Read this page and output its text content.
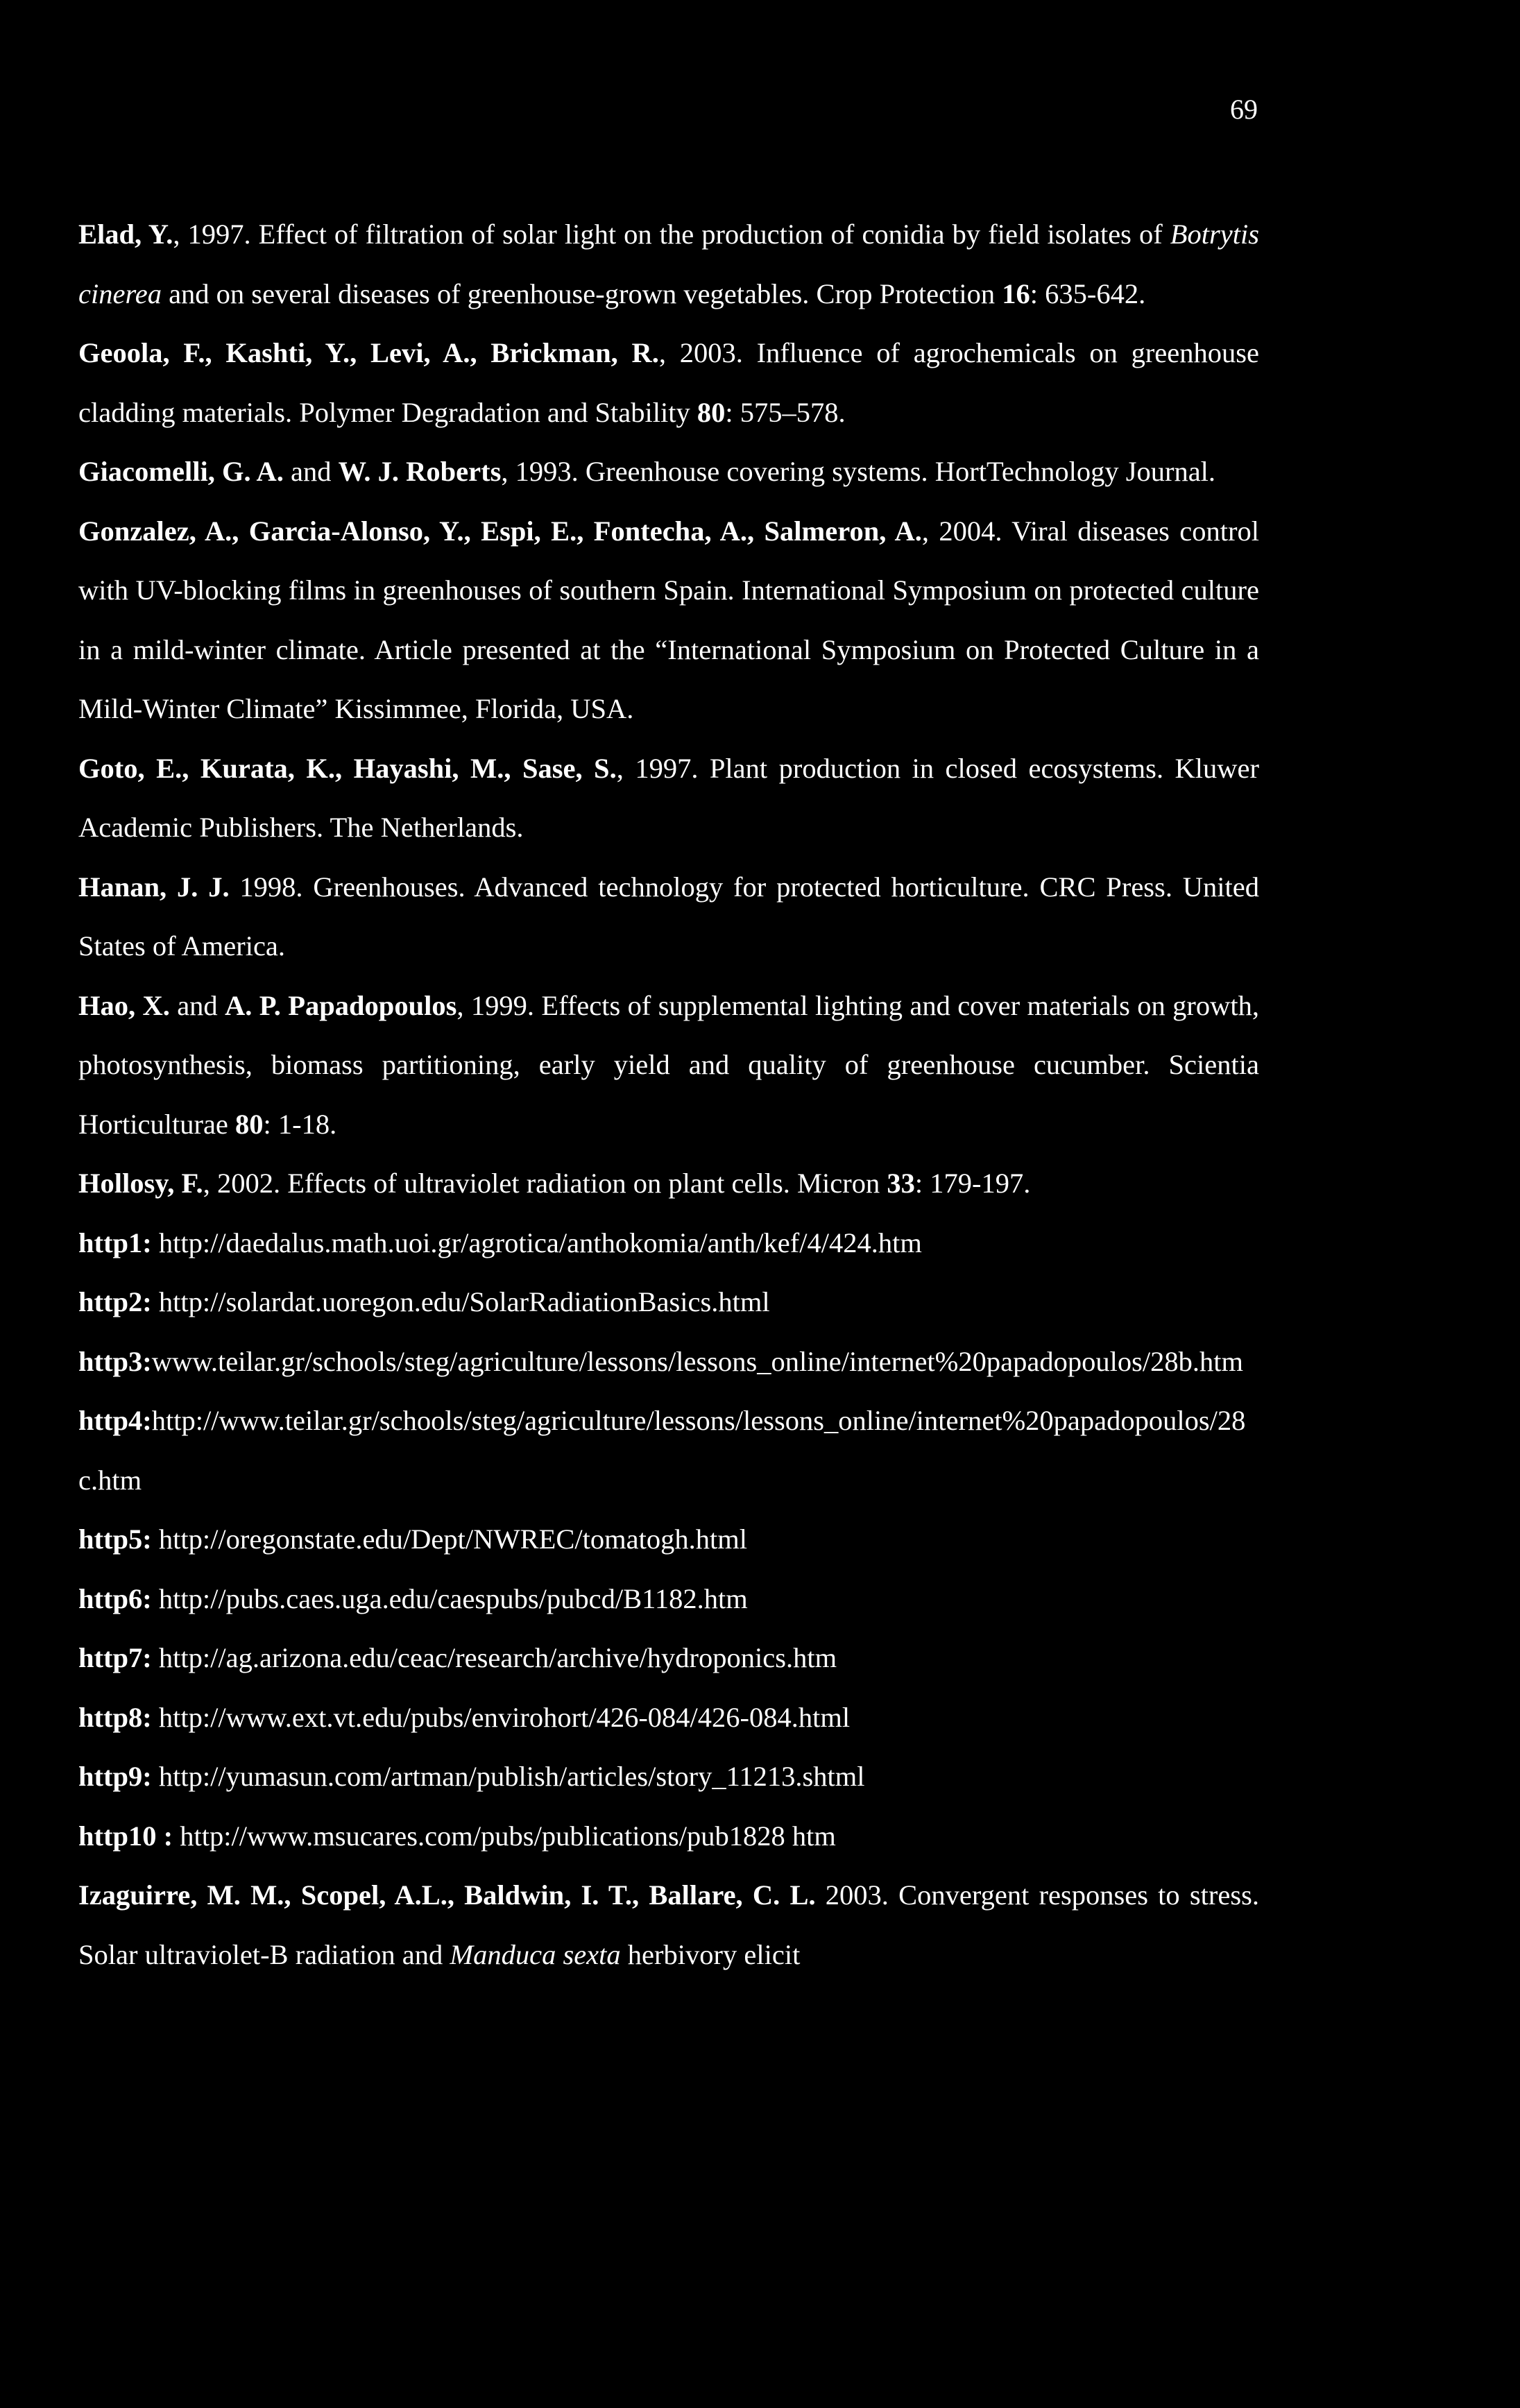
69

Elad, Y., 1997. Effect of filtration of solar light on the production of conidia by field isolates of Botrytis cinerea and on several diseases of greenhouse-grown vegetables. Crop Protection 16: 635-642.

Geoola, F., Kashti, Y., Levi, A., Brickman, R., 2003. Influence of agrochemicals on greenhouse cladding materials. Polymer Degradation and Stability 80: 575–578.

Giacomelli, G. A. and W. J. Roberts, 1993. Greenhouse covering systems. HortTechnology Journal.

Gonzalez, A., Garcia-Alonso, Y., Espi, E., Fontecha, A., Salmeron, A., 2004. Viral diseases control with UV-blocking films in greenhouses of southern Spain. International Symposium on protected culture in a mild-winter climate. Article presented at the “International Symposium on Protected Culture in a Mild-Winter Climate” Kissimmee, Florida, USA.

Goto, E., Kurata, K., Hayashi, M., Sase, S., 1997. Plant production in closed ecosystems. Kluwer Academic Publishers. The Netherlands.

Hanan, J. J. 1998. Greenhouses. Advanced technology for protected horticulture. CRC Press. United States of America.

Hao, X. and A. P. Papadopoulos, 1999. Effects of supplemental lighting and cover materials on growth, photosynthesis, biomass partitioning, early yield and quality of greenhouse cucumber. Scientia Horticulturae 80: 1-18.

Hollosy, F., 2002. Effects of ultraviolet radiation on plant cells. Micron 33: 179-197.

http1: http://daedalus.math.uoi.gr/agrotica/anthokomia/anth/kef/4/424.htm

http2: http://solardat.uoregon.edu/SolarRadiationBasics.html

http3:www.teilar.gr/schools/steg/agriculture/lessons/lessons_online/internet%20papadopoulos/28b.htm

http4:http://www.teilar.gr/schools/steg/agriculture/lessons/lessons_online/internet%20papadopoulos/28c.htm

http5: http://oregonstate.edu/Dept/NWREC/tomatogh.html

http6: http://pubs.caes.uga.edu/caespubs/pubcd/B1182.htm

http7: http://ag.arizona.edu/ceac/research/archive/hydroponics.htm

http8: http://www.ext.vt.edu/pubs/envirohort/426-084/426-084.html

http9: http://yumasun.com/artman/publish/articles/story_11213.shtml

http10 : http://www.msucares.com/pubs/publications/pub1828 htm

Izaguirre, M. M., Scopel, A.L., Baldwin, I. T., Ballare, C. L. 2003. Convergent responses to stress. Solar ultraviolet-B radiation and Manduca sexta herbivory elicit
